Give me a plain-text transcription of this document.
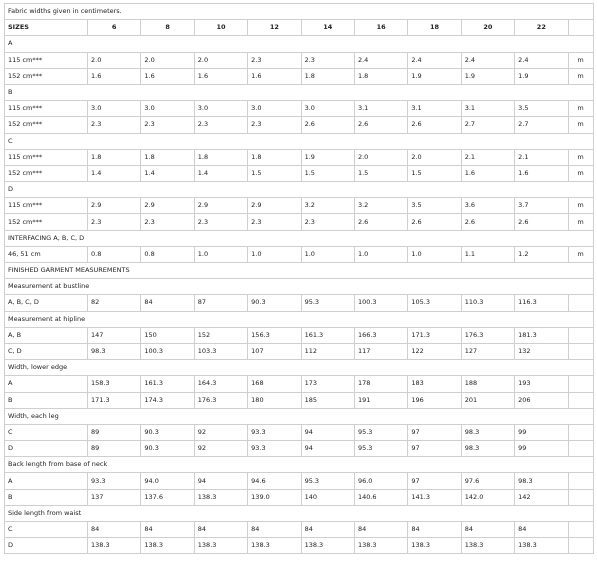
Fabric widths given in centimeters.										
SIZES	6	8	10	12	14	16	18	20	22	
A										
115 cm***	2.0	2.0	2.0	2.3	2.3	2.4	2.4	2.4	2.4	m
152 cm***	1.6	1.6	1.6	1.6	1.8	1.8	1.9	1.9	1.9	m
B										
115 cm***	3.0	3.0	3.0	3.0	3.0	3.1	3.1	3.1	3.5	m
152 cm***	2.3	2.3	2.3	2.3	2.6	2.6	2.6	2.7	2.7	m
C										
115 cm***	1.8	1.8	1.8	1.8	1.9	2.0	2.0	2.1	2.1	m
152 cm***	1.4	1.4	1.4	1.5	1.5	1.5	1.5	1.6	1.6	m
D										
115 cm***	2.9	2.9	2.9	2.9	3.2	3.2	3.5	3.6	3.7	m
152 cm***	2.3	2.3	2.3	2.3	2.3	2.6	2.6	2.6	2.6	m
INTERFACING A, B, C, D										
46, 51 cm	0.8	0.8	1.0	1.0	1.0	1.0	1.0	1.1	1.2	m
FINISHED GARMENT MEASUREMENTS										
Measurement at bustline										
A, B, C, D	82	84	87	90.3	95.3	100.3	105.3	110.3	116.3	
Measurement at hipline										
A, B	147	150	152	156.3	161.3	166.3	171.3	176.3	181.3	
C, D	98.3	100.3	103.3	107	112	117	122	127	132	
Width, lower edge										
A	158.3	161.3	164.3	168	173	178	183	188	193	
B	171.3	174.3	176.3	180	185	191	196	201	206	
Width, each leg										
C	89	90.3	92	93.3	94	95.3	97	98.3	99	
D	89	90.3	92	93.3	94	95.3	97	98.3	99	
Back length from base of neck										
A	93.3	94.0	94	94.6	95.3	96.0	97	97.6	98.3	
B	137	137.6	138.3	139.0	140	140.6	141.3	142.0	142	
Side length from waist										
C	84	84	84	84	84	84	84	84	84	
D	138.3	138.3	138.3	138.3	138.3	138.3	138.3	138.3	138.3	
